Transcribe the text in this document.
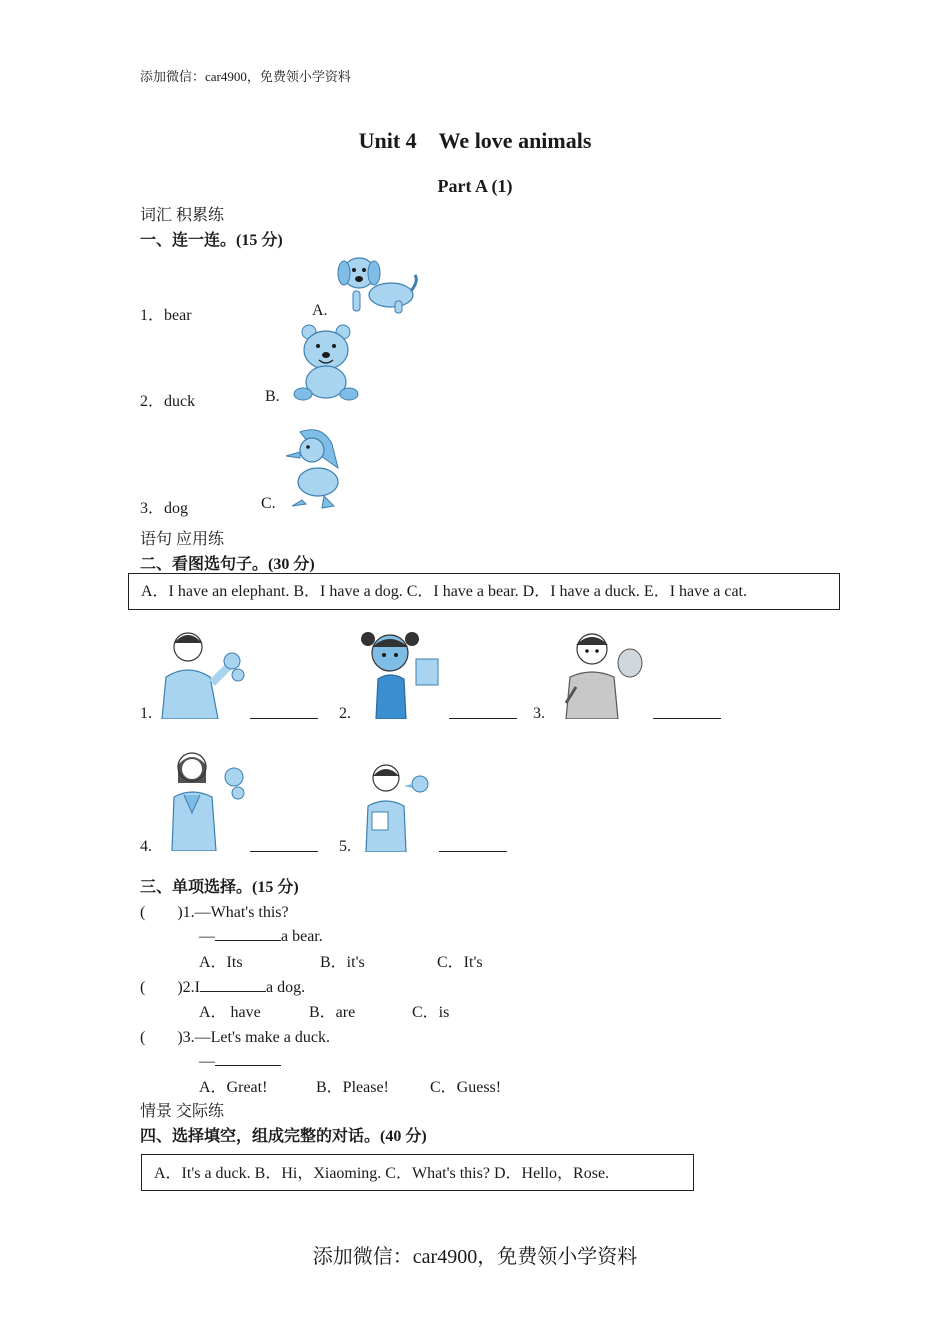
添加微信：car4900，免费领小学资料
Unit 4　We love animals
Part A (1)
词汇 积累练
一、连一连。(15 分)
1．bear	A.
2．duck	B.
3．dog	C.
语句 应用练
二、看图选句子。(30 分)
A．I have an elephant. B．I have a dog. C．I have a bear. D．I have a duck. E．I have a cat.
1.	2.	3.
4.	5.
三、单项选择。(15 分)
(　　)1.—What's this?
—	a bear.
A．Its	B．it's	C．It's
(　　)2.I	a dog.
A． have	B．are	C．is
(　　)3.—Let's make a duck.
—
A．Great!	B．Please!	C．Guess!
情景 交际练
四、选择填空，组成完整的对话。(40 分)
A．It's a duck. B．Hi，Xiaoming. C．What's this? D．Hello，Rose.
添加微信：car4900，免费领小学资料
